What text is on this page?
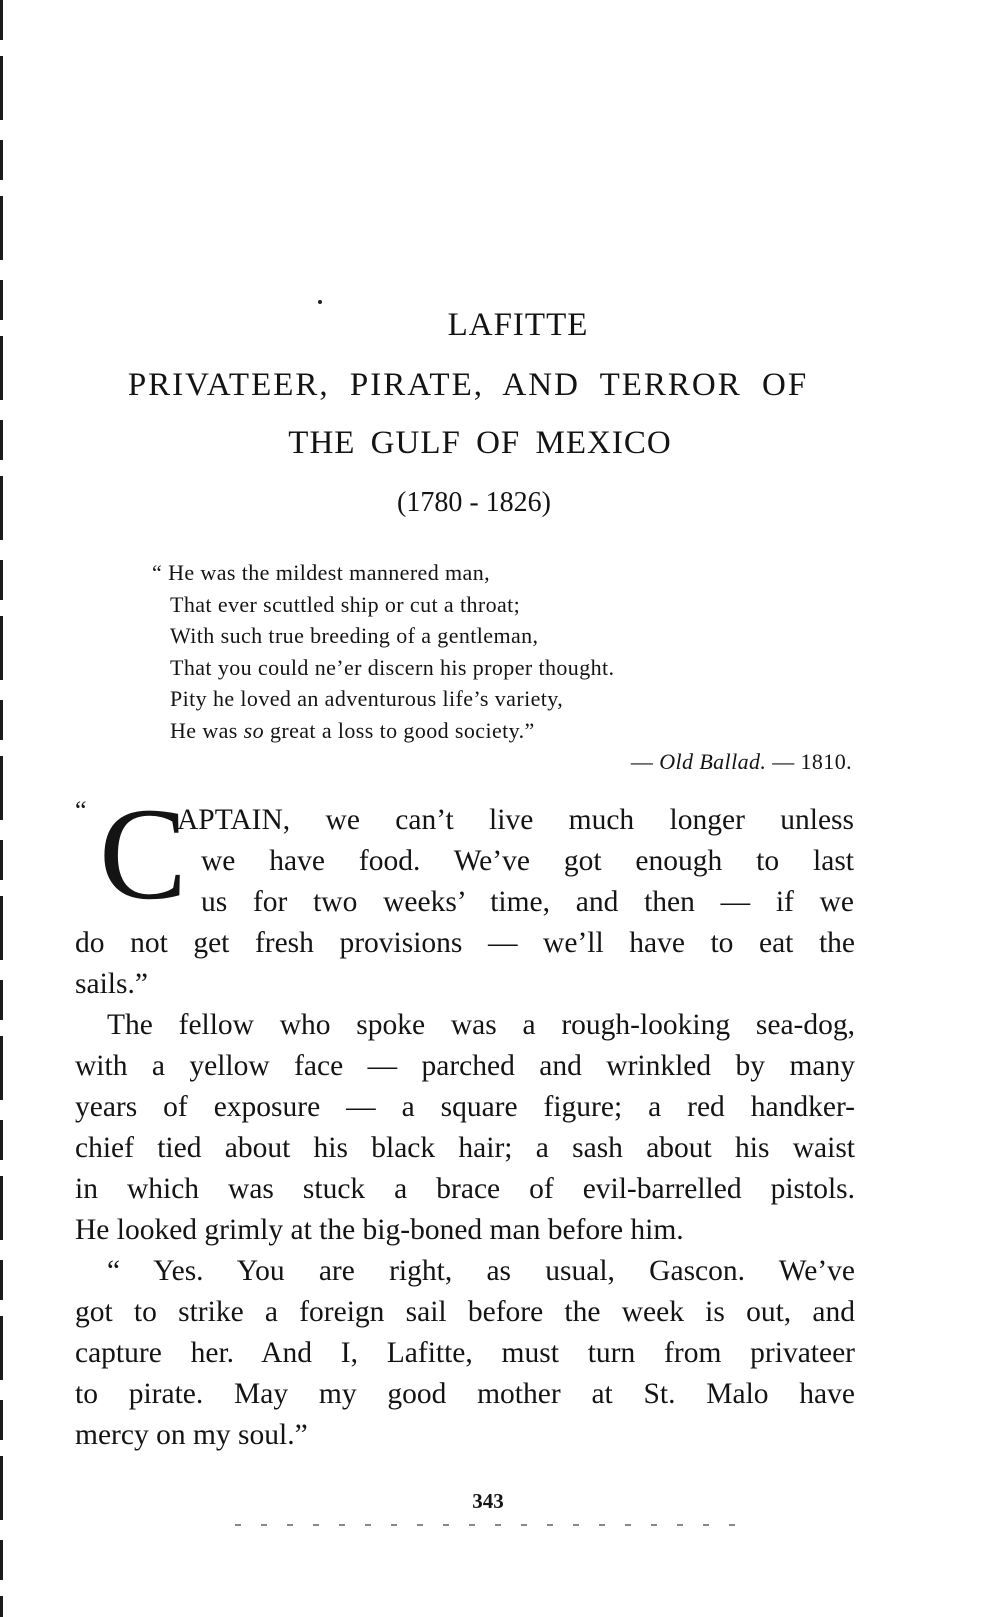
LAFITTE
PRIVATEER, PIRATE, AND TERROR OF
THE GULF OF MEXICO
(1780 - 1826)
“ He was the mildest mannered man,
That ever scuttled ship or cut a throat;
With such true breeding of a gentleman,
That you could ne’er discern his proper thought.
Pity he loved an adventurous life’s variety,
He was so great a loss to good society.”
— Old Ballad. — 1810.
“ C
APTAIN, we can’t live much longer unless
we have food. We’ve got enough to last
us for two weeks’ time, and then — if we
do not get fresh provisions — we’ll have to eat the
sails.”
The fellow who spoke was a rough-looking sea-dog,
with a yellow face — parched and wrinkled by many
years of exposure — a square figure; a red handker-
chief tied about his black hair; a sash about his waist
in which was stuck a brace of evil-barrelled pistols.
He looked grimly at the big-boned man before him.
“ Yes. You are right, as usual, Gascon. We’ve
got to strike a foreign sail before the week is out, and
capture her. And I, Lafitte, must turn from privateer
to pirate. May my good mother at St. Malo have
mercy on my soul.”
343
